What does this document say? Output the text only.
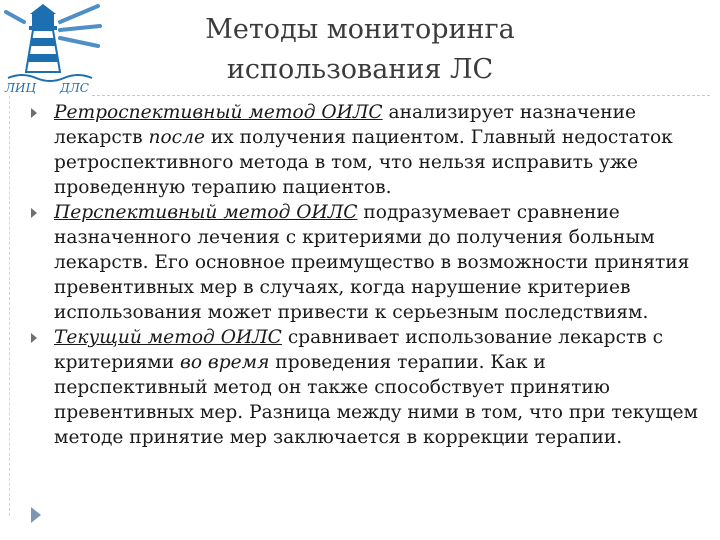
ЛИЦ ДЛС
Методы мониторинга
использования ЛС

Ретроспективный метод ОИЛС анализирует назначение лекарств после их получения пациентом. Главный недостаток ретроспективного метода в том, что нельзя исправить уже проведенную терапию пациентов.

Перспективный метод ОИЛС подразумевает сравнение назначенного лечения с критериями до получения больным лекарств. Его основное преимущество в возможности принятия превентивных мер в случаях, когда нарушение критериев использования может привести к серьезным последствиям.

Текущий метод ОИЛС сравнивает использование лекарств с критериями во время проведения терапии. Как и перспективный метод он также способствует принятию превентивных мер. Разница между ними в том, что при текущем методе принятие мер заключается в коррекции терапии.
